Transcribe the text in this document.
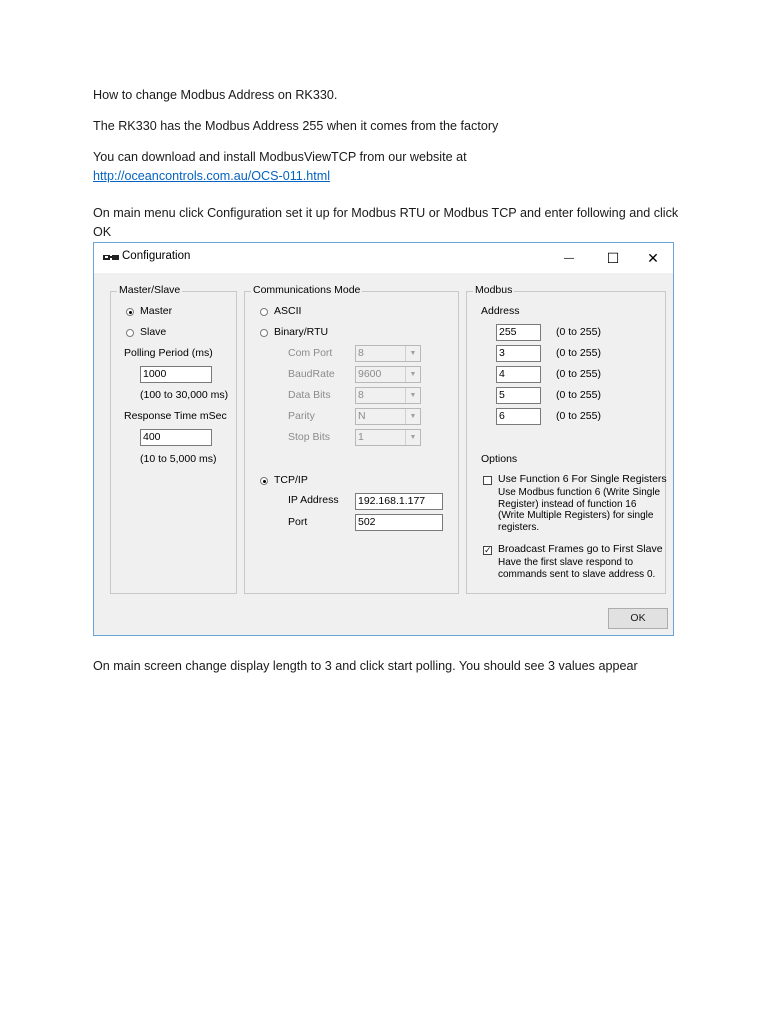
How to change Modbus Address on RK330.

The RK330 has the Modbus Address 255 when it comes from the factory

You can download and install ModbusViewTCP from our website at
http://oceancontrols.com.au/OCS-011.html

On main menu click Configuration set it up for Modbus RTU or Modbus TCP and enter following and click OK

Configuration	— ☐ ✕
Master/Slave
Master
Slave
Polling Period (ms)
1000
(100 to 30,000 ms)
Response Time mSec
400
(10 to 5,000 ms)
Communications Mode
ASCII
Binary/RTU
Com Port 8	▼
BaudRate 9600	▼
Data Bits	8	▼
Parity	N	▼
Stop Bits	1	▼
TCP/IP
IP Address 192.168.1.177
Port	502
Modbus
Address
255	(0 to 255)
3	(0 to 255)
4	(0 to 255)
5	(0 to 255)
6	(0 to 255)
Options
Use Function 6 For Single Registers
Use Modbus function 6 (Write Single Register) instead of function 16 (Write Multiple Registers) for single registers.
✓ Broadcast Frames go to First Slave
Have the first slave respond to commands sent to slave address 0.
OK

On main screen change display length to 3 and click start polling. You should see 3 values appear
